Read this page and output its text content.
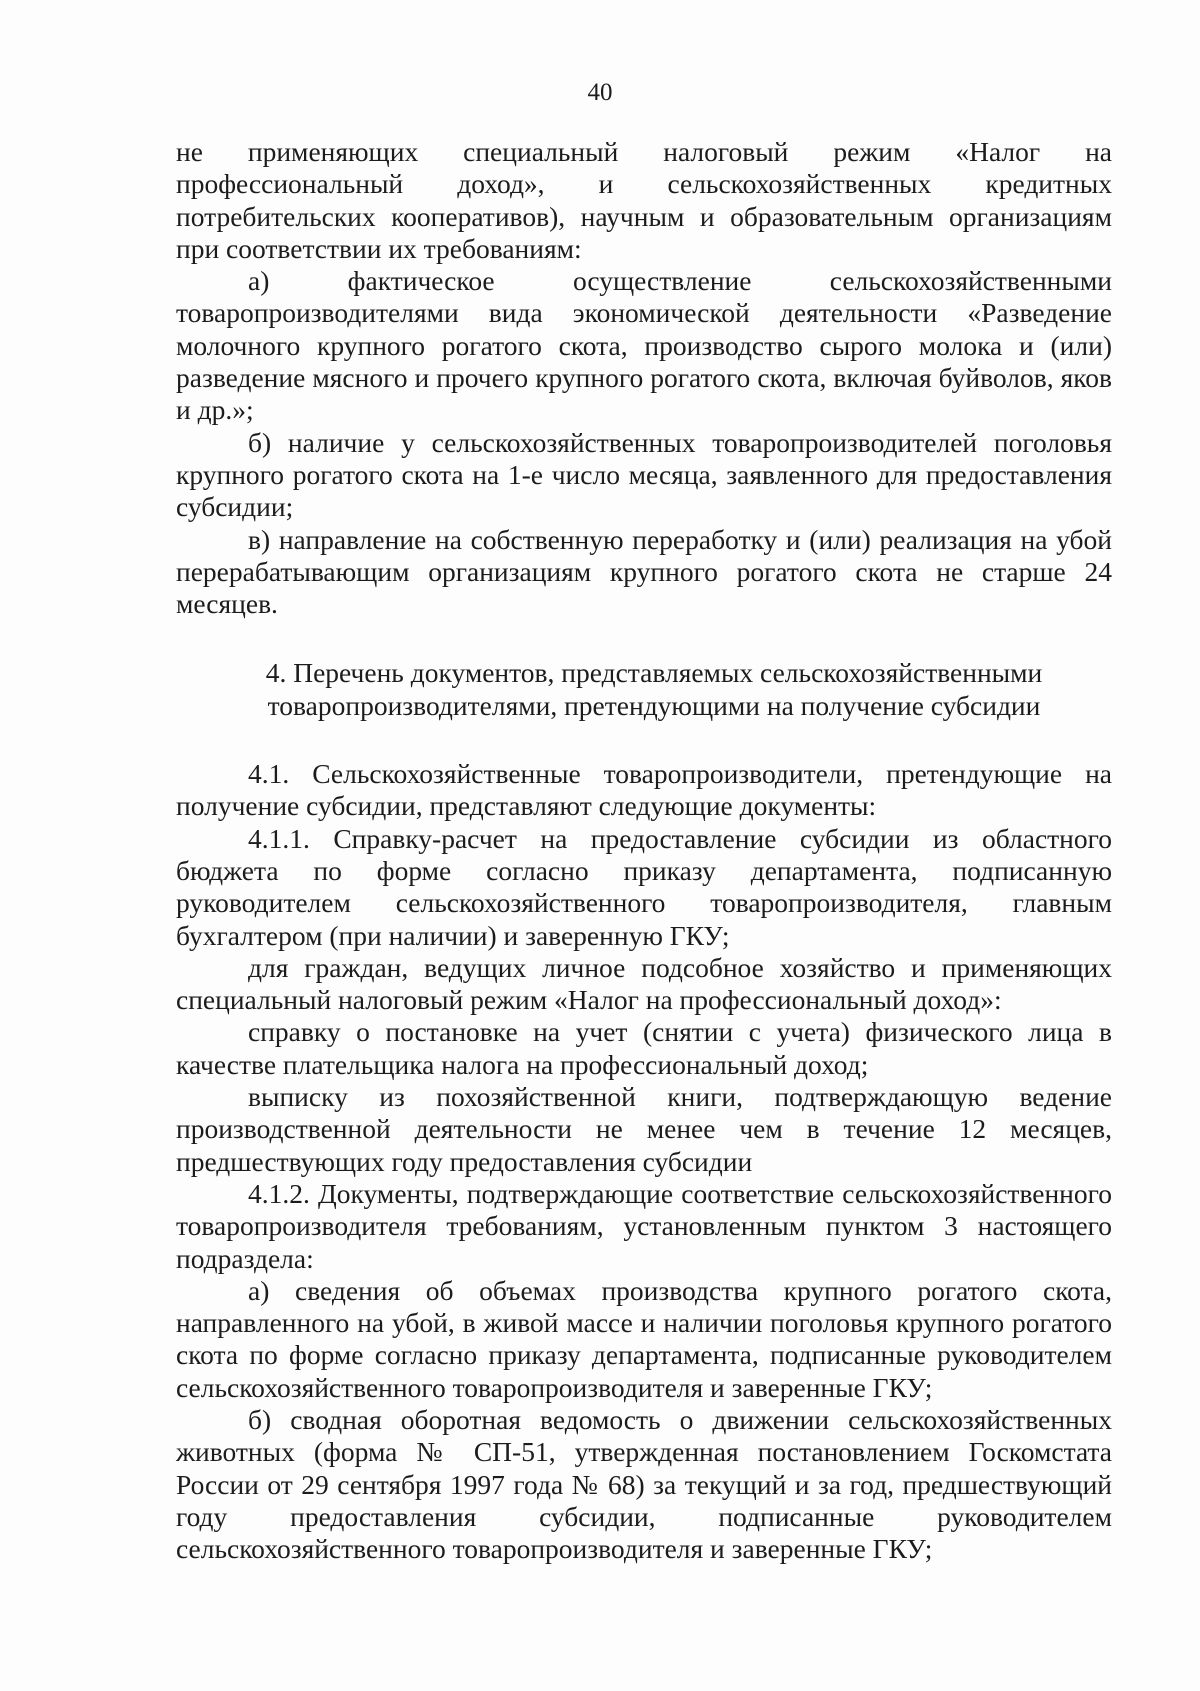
40

не применяющих специальный налоговый режим «Налог на профессиональный доход», и сельскохозяйственных кредитных потребительских кооперативов), научным и образовательным организациям при соответствии их требованиям:

а) фактическое осуществление сельскохозяйственными товаропроизводителями вида экономической деятельности «Разведение молочного крупного рогатого скота, производство сырого молока и (или) разведение мясного и прочего крупного рогатого скота, включая буйволов, яков и др.»;

б) наличие у сельскохозяйственных товаропроизводителей поголовья крупного рогатого скота на 1-е число месяца, заявленного для предоставления субсидии;

в) направление на собственную переработку и (или) реализация на убой перерабатывающим организациям крупного рогатого скота не старше 24 месяцев.

4. Перечень документов, представляемых сельскохозяйственными
товаропроизводителями, претендующими на получение субсидии

4.1. Сельскохозяйственные товаропроизводители, претендующие на получение субсидии, представляют следующие документы:

4.1.1. Справку-расчет на предоставление субсидии из областного бюджета по форме согласно приказу департамента, подписанную руководителем сельскохозяйственного товаропроизводителя, главным бухгалтером (при наличии) и заверенную ГКУ;

для граждан, ведущих личное подсобное хозяйство и применяющих специальный налоговый режим «Налог на профессиональный доход»:

справку о постановке на учет (снятии с учета) физического лица в качестве плательщика налога на профессиональный доход;

выписку из похозяйственной книги, подтверждающую ведение производственной деятельности не менее чем в течение 12 месяцев, предшествующих году предоставления субсидии

4.1.2. Документы, подтверждающие соответствие сельскохозяйственного товаропроизводителя требованиям, установленным пунктом 3 настоящего подраздела:

а) сведения об объемах производства крупного рогатого скота, направленного на убой, в живой массе и наличии поголовья крупного рогатого скота по форме согласно приказу департамента, подписанные руководителем сельскохозяйственного товаропроизводителя и заверенные ГКУ;

б) сводная оборотная ведомость о движении сельскохозяйственных животных (форма № СП-51, утвержденная постановлением Госкомстата России от 29 сентября 1997 года № 68) за текущий и за год, предшествующий году предоставления субсидии, подписанные руководителем сельскохозяйственного товаропроизводителя и заверенные ГКУ;
